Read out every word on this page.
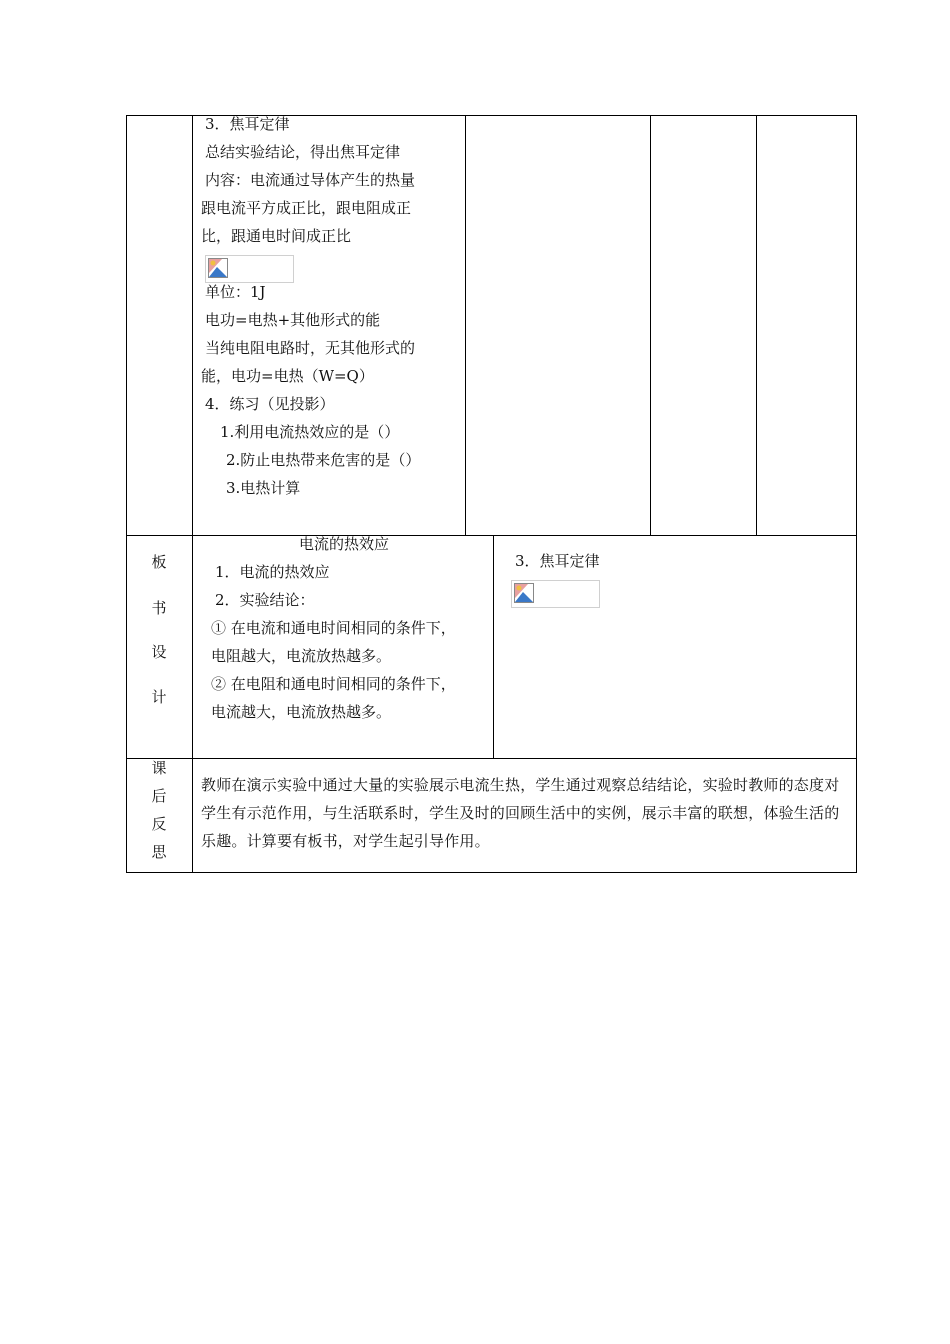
3．焦耳定律
总结实验结论，得出焦耳定律
内容：电流通过导体产生的热量
跟电流平方成正比，跟电阻成正
比，跟通电时间成正比
单位：1J
电功=电热+其他形式的能
当纯电阻电路时，无其他形式的
能，电功=电热（W=Q）
4．练习（见投影）
1.利用电流热效应的是（）
2.防止电热带来危害的是（）
3.电热计算
板
书
设
计
电流的热效应
1．电流的热效应
2．实验结论：
① 在电流和通电时间相同的条件下，
电阻越大，电流放热越多。
② 在电阻和通电时间相同的条件下，
电流越大，电流放热越多。
3．焦耳定律
课
后
反
思
教师在演示实验中通过大量的实验展示电流生热，学生通过观察总结结论，实验时教师的态度对学生有示范作用，与生活联系时，学生及时的回顾生活中的实例，展示丰富的联想，体验生活的乐趣。计算要有板书，对学生起引导作用。
